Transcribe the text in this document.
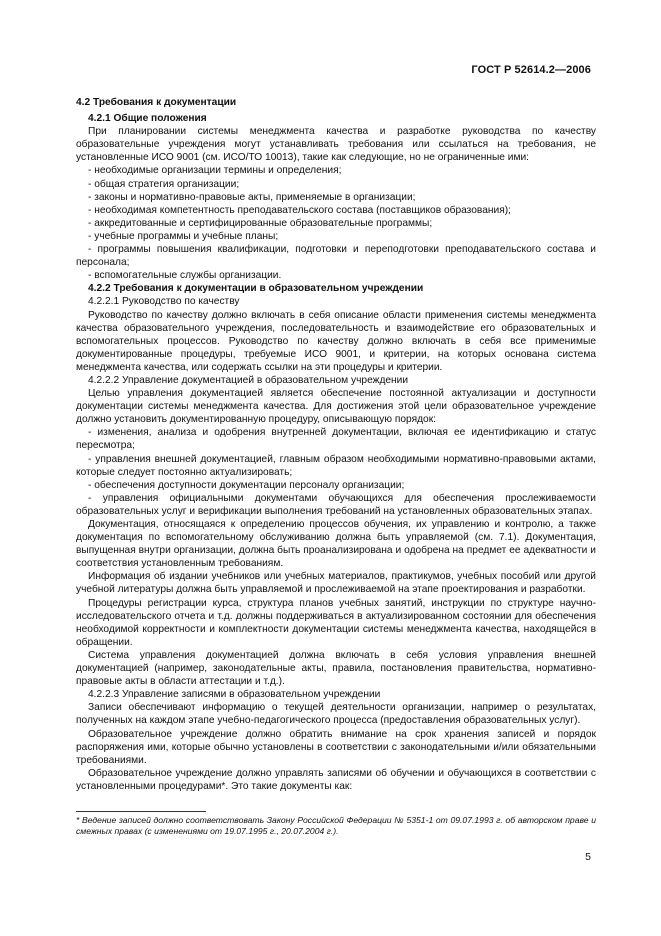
ГОСТ Р 52614.2—2006

4.2 Требования к документации

4.2.1 Общие положения

При планировании системы менеджмента качества и разработке руководства по качеству образовательные учреждения могут устанавливать требования или ссылаться на требования, не установленные ИСО 9001 (см. ИСО/ТО 10013), такие как следующие, но не ограниченные ими:

- необходимые организации термины и определения;

- общая стратегия организации;

- законы и нормативно-правовые акты, применяемые в организации;

- необходимая компетентность преподавательского состава (поставщиков образования);

- аккредитованные и сертифицированные образовательные программы;

- учебные программы и учебные планы;

- программы повышения квалификации, подготовки и переподготовки преподавательского состава и персонала;

- вспомогательные службы организации.

4.2.2 Требования к документации в образовательном учреждении

4.2.2.1 Руководство по качеству

Руководство по качеству должно включать в себя описание области применения системы менеджмента качества образовательного учреждения, последовательность и взаимодействие его образовательных и вспомогательных процессов. Руководство по качеству должно включать в себя все применимые документированные процедуры, требуемые ИСО 9001, и критерии, на которых основана система менеджмента качества, или содержать ссылки на эти процедуры и критерии.

4.2.2.2 Управление документацией в образовательном учреждении

Целью управления документацией является обеспечение постоянной актуализации и доступности документации системы менеджмента качества. Для достижения этой цели образовательное учреждение должно установить документированную процедуру, описывающую порядок:

- изменения, анализа и одобрения внутренней документации, включая ее идентификацию и статус пересмотра;

- управления внешней документацией, главным образом необходимыми нормативно-правовыми актами, которые следует постоянно актуализировать;

- обеспечения доступности документации персоналу организации;

- управления официальными документами обучающихся для обеспечения прослеживаемости образовательных услуг и верификации выполнения требований на установленных образовательных этапах.

Документация, относящаяся к определению процессов обучения, их управлению и контролю, а также документация по вспомогательному обслуживанию должна быть управляемой (см. 7.1). Документация, выпущенная внутри организации, должна быть проанализирована и одобрена на предмет ее адекватности и соответствия установленным требованиям.

Информация об издании учебников или учебных материалов, практикумов, учебных пособий или другой учебной литературы должна быть управляемой и прослеживаемой на этапе проектирования и разработки.

Процедуры регистрации курса, структура планов учебных занятий, инструкции по структуре научно-исследовательского отчета и т.д. должны поддерживаться в актуализированном состоянии для обеспечения необходимой корректности и комплектности документации системы менеджмента качества, находящейся в обращении.

Система управления документацией должна включать в себя условия управления внешней документацией (например, законодательные акты, правила, постановления правительства, нормативно-правовые акты в области аттестации и т.д.).

4.2.2.3 Управление записями в образовательном учреждении

Записи обеспечивают информацию о текущей деятельности организации, например о результатах, полученных на каждом этапе учебно-педагогического процесса (предоставления образовательных услуг).

Образовательное учреждение должно обратить внимание на срок хранения записей и порядок распоряжения ими, которые обычно установлены в соответствии с законодательными и/или обязательными требованиями.

Образовательное учреждение должно управлять записями об обучении и обучающихся в соответствии с установленными процедурами*. Это такие документы как:

* Ведение записей должно соответствовать Закону Российской Федерации № 5351-1 от 09.07.1993 г. об авторском праве и смежных правах (с изменениями от 19.07.1995 г., 20.07.2004 г.).
5
